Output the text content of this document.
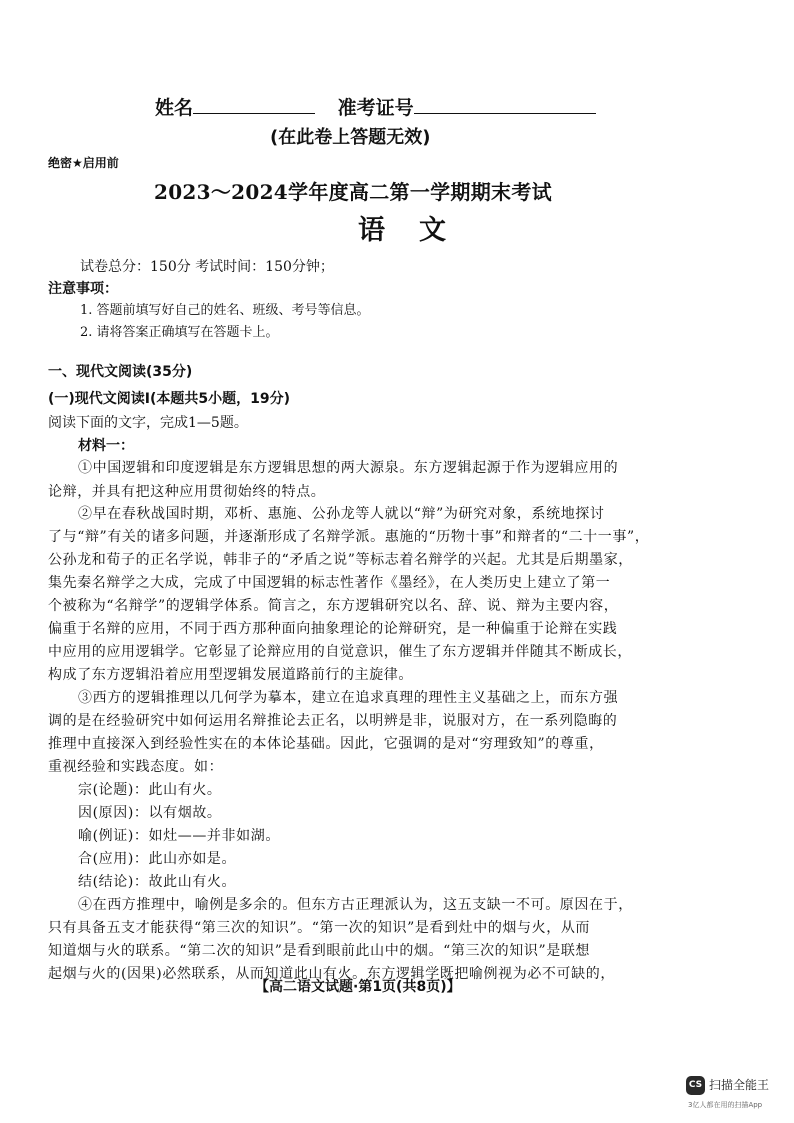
姓名	准考证号
(在此卷上答题无效)
绝密★启用前
2023～2024学年度高二第一学期期末考试
语文
试卷总分：150分 考试时间：150分钟；
注意事项：
1. 答题前填写好自己的姓名、班级、考号等信息。
2. 请将答案正确填写在答题卡上。
一、现代文阅读(35分)
(一)现代文阅读Ⅰ(本题共5小题，19分)
阅读下面的文字，完成1—5题。
材料一：
①中国逻辑和印度逻辑是东方逻辑思想的两大源泉。东方逻辑起源于作为逻辑应用的
论辩，并具有把这种应用贯彻始终的特点。
②早在春秋战国时期，邓析、惠施、公孙龙等人就以“辩”为研究对象，系统地探讨
了与“辩”有关的诸多问题，并逐渐形成了名辩学派。惠施的“历物十事”和辩者的“二十一事”，
公孙龙和荀子的正名学说，韩非子的“矛盾之说”等标志着名辩学的兴起。尤其是后期墨家，
集先秦名辩学之大成，完成了中国逻辑的标志性著作《墨经》，在人类历史上建立了第一
个被称为“名辩学”的逻辑学体系。简言之，东方逻辑研究以名、辞、说、辩为主要内容，
偏重于名辩的应用，不同于西方那种面向抽象理论的论辩研究，是一种偏重于论辩在实践
中应用的应用逻辑学。它彰显了论辩应用的自觉意识，催生了东方逻辑并伴随其不断成长，
构成了东方逻辑沿着应用型逻辑发展道路前行的主旋律。
③西方的逻辑推理以几何学为摹本，建立在追求真理的理性主义基础之上，而东方强
调的是在经验研究中如何运用名辩推论去正名，以明辨是非，说服对方，在一系列隐晦的
推理中直接深入到经验性实在的本体论基础。因此，它强调的是对“穷理致知”的尊重，
重视经验和实践态度。如：
宗(论题)：此山有火。
因(原因)：以有烟故。
喻(例证)：如灶——并非如湖。
合(应用)：此山亦如是。
结(结论)：故此山有火。
④在西方推理中，喻例是多余的。但东方古正理派认为，这五支缺一不可。原因在于，
只有具备五支才能获得“第三次的知识”。“第一次的知识”是看到灶中的烟与火，从而
知道烟与火的联系。“第二次的知识”是看到眼前此山中的烟。“第三次的知识”是联想
起烟与火的(因果)必然联系，从而知道此山有火。东方逻辑学既把喻例视为必不可缺的，
【高二语文试题·第1页(共8页)】
CS 扫描全能王
3亿人都在用的扫描App
